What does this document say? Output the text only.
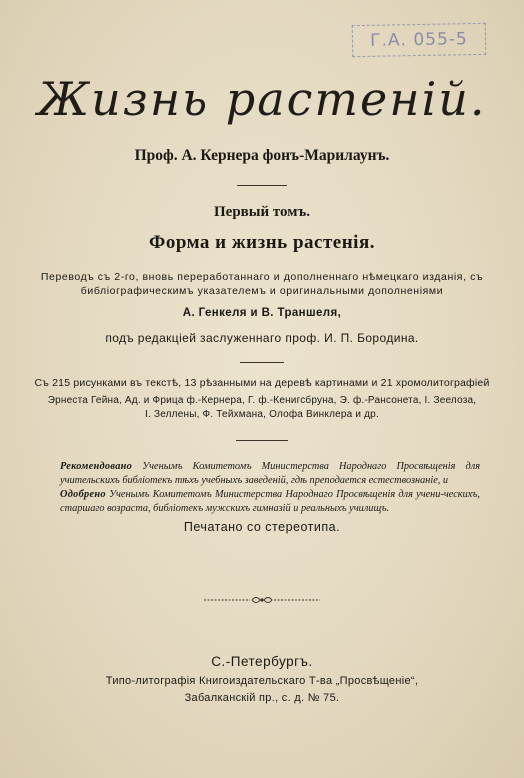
Г.А. 055-5
Жизнь растеній.
Проф. А. Кернера фонъ-Марилаунъ.
Первый томъ.
Форма и жизнь растенія.
Переводъ съ 2-го, вновь переработаннаго и дополненнаго нѣмецкаго изданія, съ
библіографическимъ указателемъ и оригинальными дополненіями
А. Генкеля и В. Траншеля,
подъ редакціей заслуженнаго проф. И. П. Бородина.
Съ 215 рисунками въ текстѣ, 13 рѣзанными на деревѣ картинами и 21 хромолитографіей
Эрнеста Гейна, Ад. и Фрица ф.-Кернера, Г. ф.-Кенигсбруна, Э. ф.-Рансонета, І. Зеелоза,
І. Зеллены, Ф. Тейхмана, Олофа Винклера и др.
Рекомендовано Ученымъ Комитетомъ Министерства Народнаго Просвѣщенія для учительскихъ библіотекъ тѣхъ учебныхъ заведеній, гдѣ преподается естествознаніе, и
Одобрено Ученымъ Комитетомъ Министерства Народнаго Просвѣщенія для учени-ческихъ, старшаго возраста, библіотекъ мужскихъ гимназій и реальныхъ училищъ.
Печатано со стереотипа.
С.-Петербургъ.
Типо-литографія Книгоиздательскаго Т-ва „Просвѣщеніе“,
Забалканскій пр., с. д. № 75.
